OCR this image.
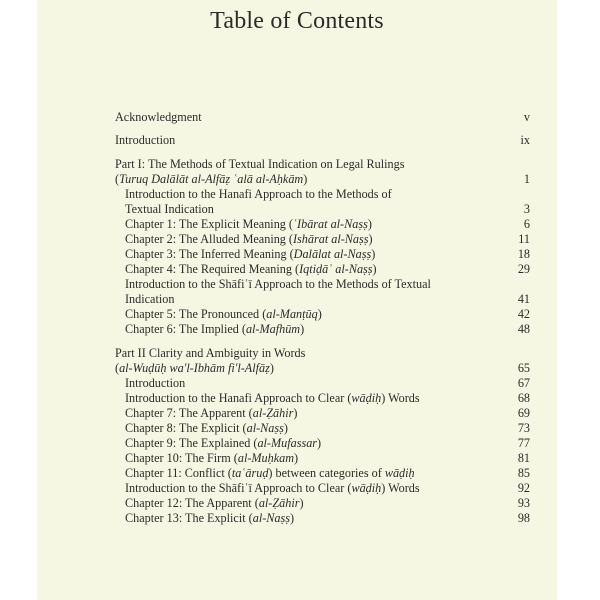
Table of Contents
Acknowledgment	v
Introduction	ix
Part I: The Methods of Textual Indication on Legal Rulings
(Turuq Dalālāt al-Alfāẓ ʿalā al-Aḥkām)	1
Introduction to the Hanafi Approach to the Methods of
Textual Indication	3
Chapter 1: The Explicit Meaning (ʿIbārat al-Naṣṣ)	6
Chapter 2: The Alluded Meaning (Ishārat al-Naṣṣ)	11
Chapter 3: The Inferred Meaning (Dalālat al-Naṣṣ)	18
Chapter 4: The Required Meaning (Iqtiḍāʾ al-Naṣṣ)	29
Introduction to the Shāfiʿī Approach to the Methods of Textual
Indication	41
Chapter 5: The Pronounced (al-Manṭūq)	42
Chapter 6: The Implied (al-Mafhūm)	48
Part II Clarity and Ambiguity in Words
(al-Wuḍūḥ wa'l-Ibhām fi'l-Alfāẓ)	65
Introduction	67
Introduction to the Hanafi Approach to Clear (wāḍiḥ) Words	68
Chapter 7: The Apparent (al-Ẓāhir)	69
Chapter 8: The Explicit (al-Naṣṣ)	73
Chapter 9: The Explained (al-Mufassar)	77
Chapter 10: The Firm (al-Muḥkam)	81
Chapter 11: Conflict (taʿāruḍ) between categories of wāḍiḥ	85
Introduction to the Shāfiʿī Approach to Clear (wāḍiḥ) Words	92
Chapter 12: The Apparent (al-Ẓāhir)	93
Chapter 13: The Explicit (al-Naṣṣ)	98
